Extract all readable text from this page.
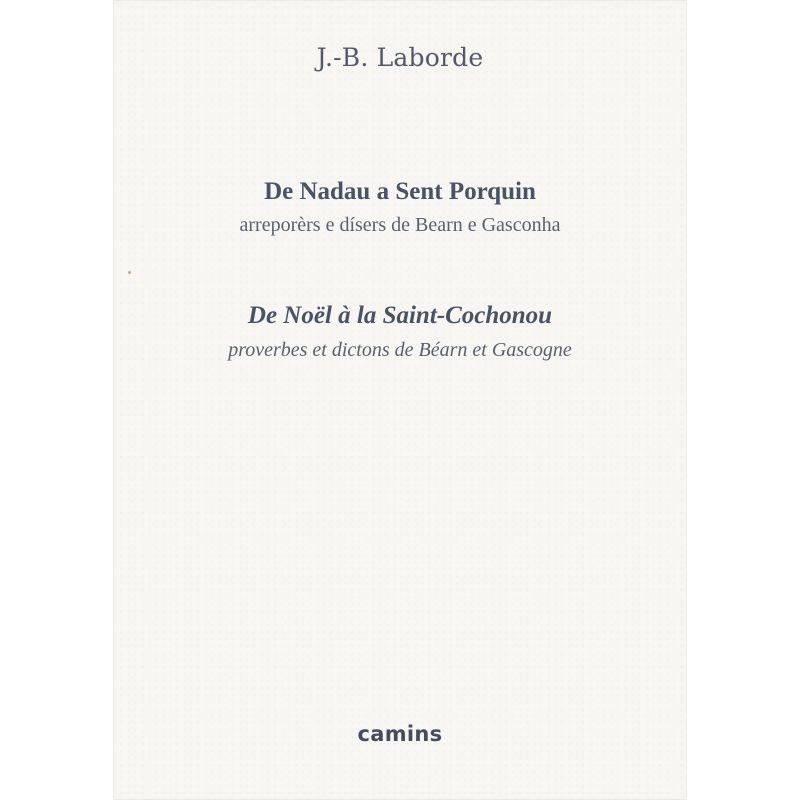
J.-B. Laborde
De Nadau a Sent Porquin
arreporèrs e dísers de Bearn e Gasconha
De Noël à la Saint-Cochonou
proverbes et dictons de Béarn et Gascogne
camins
